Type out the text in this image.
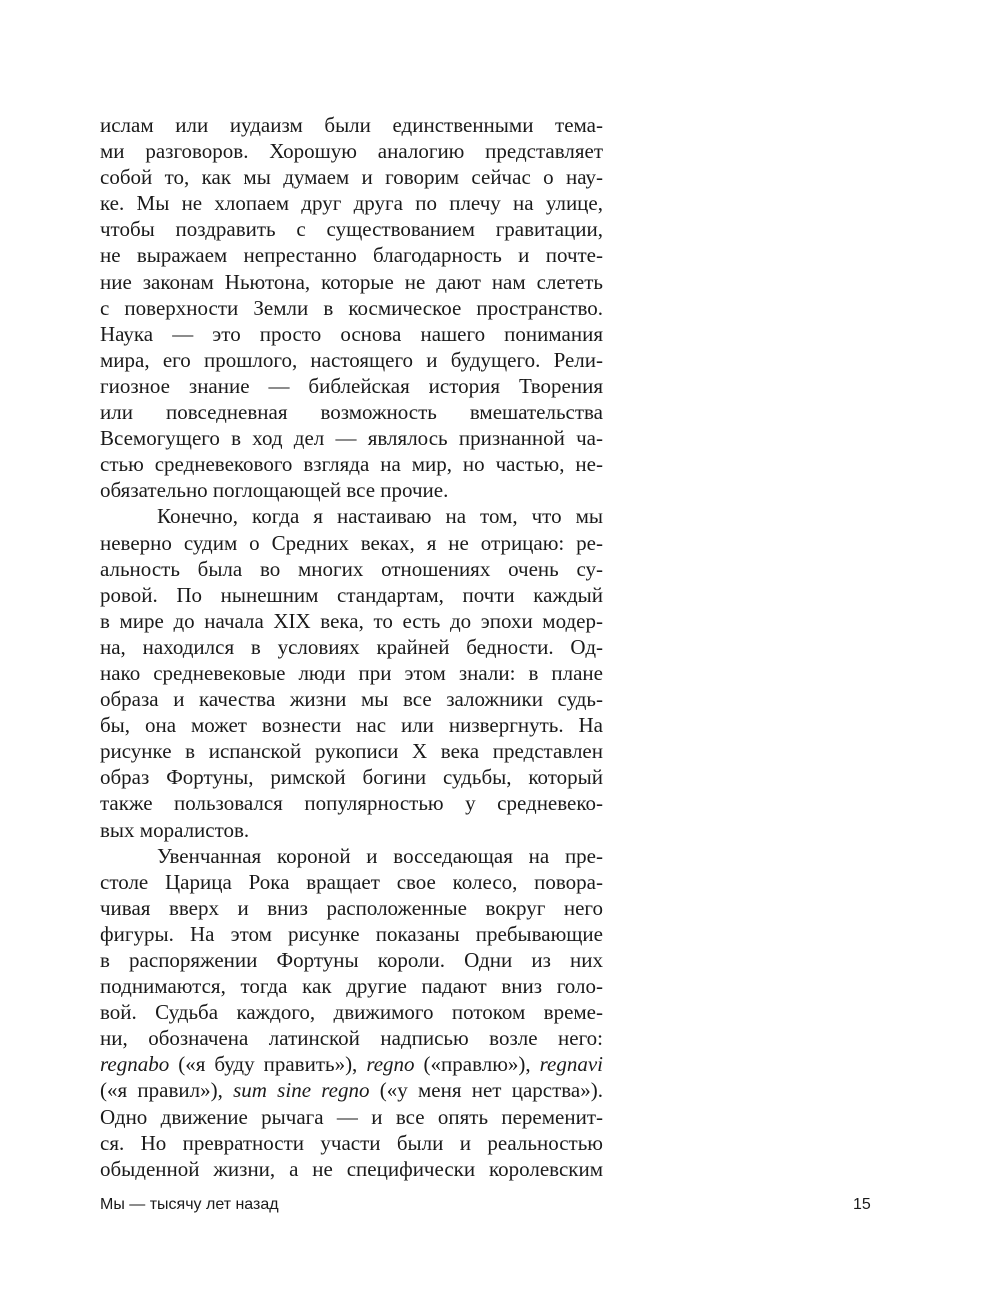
ислам или иудаизм были единственными тема-
ми разговоров. Хорошую аналогию представляет
собой то, как мы думаем и говорим сейчас о нау-
ке. Мы не хлопаем друг друга по плечу на улице,
чтобы поздравить с существованием гравитации,
не выражаем непрестанно благодарность и почте-
ние законам Ньютона, которые не дают нам слететь
с поверхности Земли в космическое пространство.
Наука — это просто основа нашего понимания
мира, его прошлого, настоящего и будущего. Рели-
гиозное знание — библейская история Творения
или повседневная возможность вмешательства
Всемогущего в ход дел — являлось признанной ча-
стью средневекового взгляда на мир, но частью, не-
обязательно поглощающей все прочие.
Конечно, когда я настаиваю на том, что мы
неверно судим о Средних веках, я не отрицаю: ре-
альность была во многих отношениях очень су-
ровой. По нынешним стандартам, почти каждый
в мире до начала XIX века, то есть до эпохи модер-
на, находился в условиях крайней бедности. Од-
нако средневековые люди при этом знали: в плане
образа и качества жизни мы все заложники судь-
бы, она может вознести нас или низвергнуть. На
рисунке в испанской рукописи X века представлен
образ Фортуны, римской богини судьбы, который
также пользовался популярностью у средневеко-
вых моралистов.
Увенчанная короной и восседающая на пре-
столе Царица Рока вращает свое колесо, повора-
чивая вверх и вниз расположенные вокруг него
фигуры. На этом рисунке показаны пребывающие
в распоряжении Фортуны короли. Одни из них
поднимаются, тогда как другие падают вниз голо-
вой. Судьба каждого, движимого потоком време-
ни, обозначена латинской надписью возле него:
regnabo («я буду править»), regno («правлю»), regnavi
(«я правил»), sum sine regno («у меня нет царства»).
Одно движение рычага — и все опять переменит-
ся. Но превратности участи были и реальностью
обыденной жизни, а не специфически королевским
Мы — тысячу лет назад	15
